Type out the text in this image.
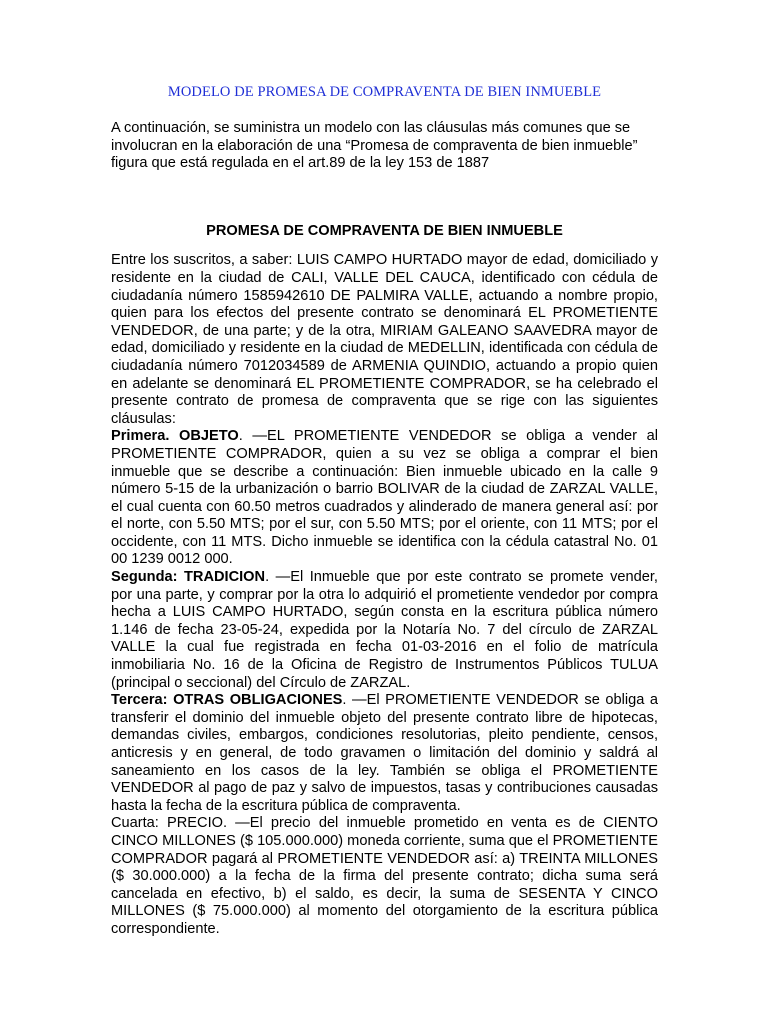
MODELO DE PROMESA DE COMPRAVENTA DE BIEN INMUEBLE

A continuación, se suministra un modelo con las cláusulas más comunes que se involucran en la elaboración de una “Promesa de compraventa de bien inmueble” figura que está regulada en el art.89 de la ley 153 de 1887

PROMESA DE COMPRAVENTA DE BIEN INMUEBLE

Entre los suscritos, a saber: LUIS CAMPO HURTADO mayor de edad, domiciliado y residente en la ciudad de CALI, VALLE DEL CAUCA, identificado con cédula de ciudadanía número 1585942610 DE PALMIRA VALLE, actuando a nombre propio, quien para los efectos del presente contrato se denominará EL PROMETIENTE VENDEDOR, de una parte; y de la otra, MIRIAM GALEANO SAAVEDRA mayor de edad, domiciliado y residente en la ciudad de MEDELLIN, identificada con cédula de ciudadanía número 7012034589 de ARMENIA QUINDIO, actuando a propio quien en adelante se denominará EL PROMETIENTE COMPRADOR, se ha celebrado el presente contrato de promesa de compraventa que se rige con las siguientes cláusulas:

Primera. OBJETO. —EL PROMETIENTE VENDEDOR se obliga a vender al PROMETIENTE COMPRADOR, quien a su vez se obliga a comprar el bien inmueble que se describe a continuación: Bien inmueble ubicado en la calle 9 número 5-15 de la urbanización o barrio BOLIVAR de la ciudad de ZARZAL VALLE, el cual cuenta con 60.50 metros cuadrados y alinderado de manera general así: por el norte, con 5.50 MTS; por el sur, con 5.50 MTS; por el oriente, con 11 MTS; por el occidente, con 11 MTS. Dicho inmueble se identifica con la cédula catastral No. 01 00 1239 0012 000.

Segunda: TRADICION. —El Inmueble que por este contrato se promete vender, por una parte, y comprar por la otra lo adquirió el prometiente vendedor por compra hecha a LUIS CAMPO HURTADO, según consta en la escritura pública número 1.146 de fecha 23-05-24, expedida por la Notaría No. 7 del círculo de ZARZAL VALLE la cual fue registrada en fecha 01-03-2016 en el folio de matrícula inmobiliaria No. 16 de la Oficina de Registro de Instrumentos Públicos TULUA (principal o seccional) del Círculo de ZARZAL.

Tercera: OTRAS OBLIGACIONES. —El PROMETIENTE VENDEDOR se obliga a transferir el dominio del inmueble objeto del presente contrato libre de hipotecas, demandas civiles, embargos, condiciones resolutorias, pleito pendiente, censos, anticresis y en general, de todo gravamen o limitación del dominio y saldrá al saneamiento en los casos de la ley. También se obliga el PROMETIENTE VENDEDOR al pago de paz y salvo de impuestos, tasas y contribuciones causadas hasta la fecha de la escritura pública de compraventa.

Cuarta: PRECIO. —El precio del inmueble prometido en venta es de CIENTO CINCO MILLONES ($ 105.000.000) moneda corriente, suma que el PROMETIENTE COMPRADOR pagará al PROMETIENTE VENDEDOR así: a) TREINTA MILLONES ($ 30.000.000) a la fecha de la firma del presente contrato; dicha suma será cancelada en efectivo, b) el saldo, es decir, la suma de SESENTA Y CINCO MILLONES ($ 75.000.000) al momento del otorgamiento de la escritura pública correspondiente.
